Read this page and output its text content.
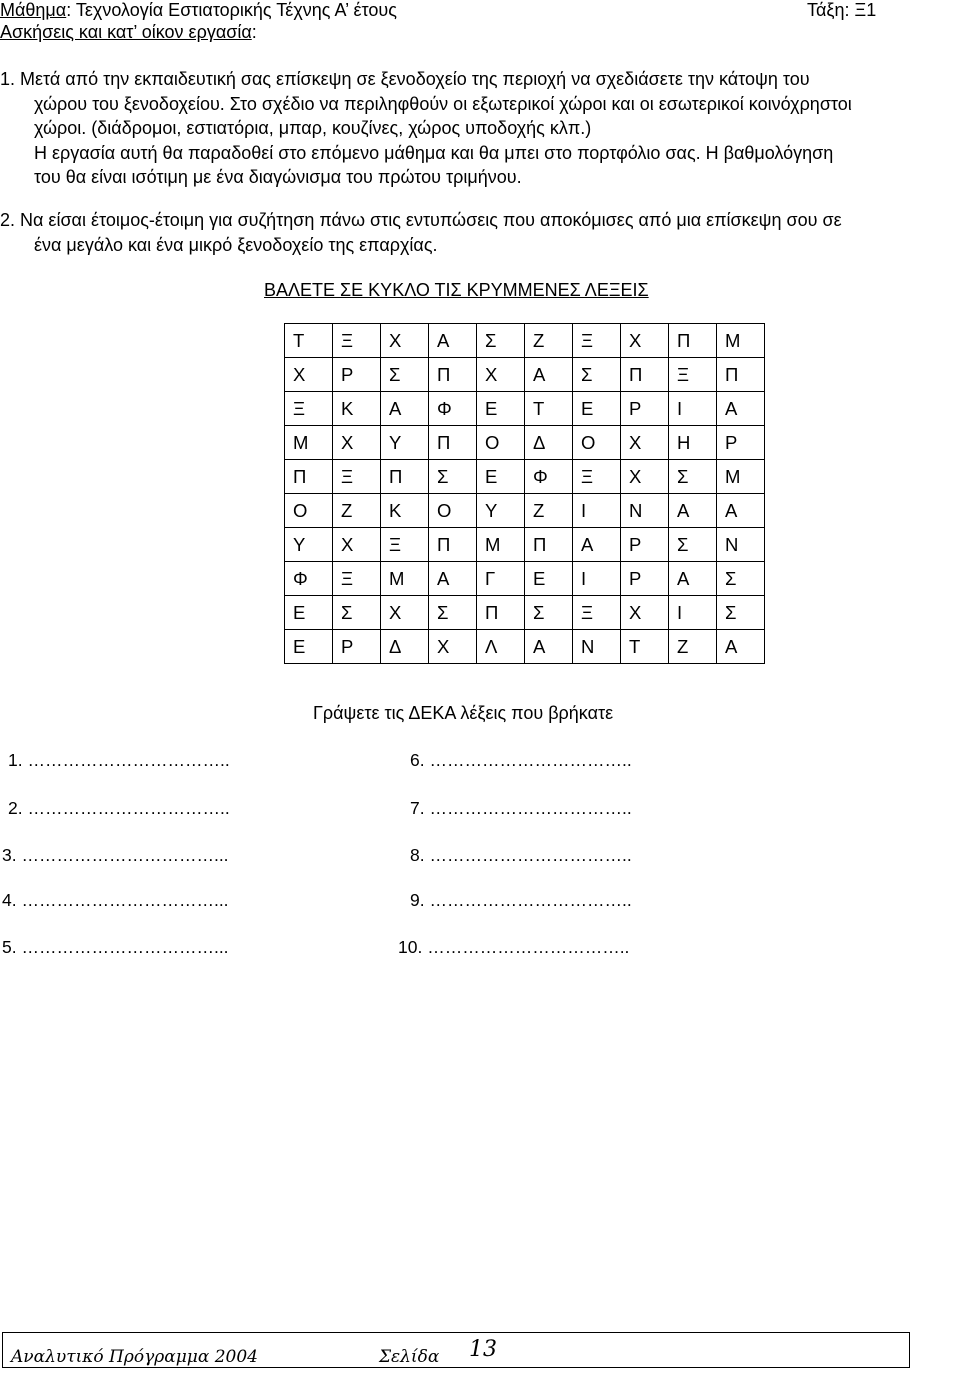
Μάθημα: Τεχνολογία Εστιατορικής Τέχνης Α’ έτους	Τάξη: Ξ1
Ασκήσεις και κατ’ οίκον εργασία:

1. Μετά από την εκπαιδευτική σας επίσκεψη σε ξενοδοχείο της περιοχή να σχεδιάσετε την κάτοψη του

χώρου του ξενοδοχείου. Στο σχέδιο να περιληφθούν οι εξωτερικοί χώροι και οι εσωτερικοί κοινόχρηστοι

χώροι. (διάδρομοι, εστιατόρια, μπαρ, κουζίνες, χώρος υποδοχής κλπ.)

Η εργασία αυτή θα παραδοθεί στο επόμενο μάθημα και θα μπει στο πορτφόλιο σας. Η βαθμολόγηση

του θα είναι ισότιμη με ένα διαγώνισμα του πρώτου τριμήνου.

2. Να είσαι έτοιμος-έτοιμη για συζήτηση πάνω στις εντυπώσεις που αποκόμισες από μια επίσκεψη σου σε

ένα μεγάλο και ένα μικρό ξενοδοχείο της επαρχίας.

ΒΑΛΕΤΕ ΣΕ ΚΥΚΛΟ ΤΙΣ ΚΡΥΜΜΕΝΕΣ ΛΕΞΕΙΣ
Τ	Ξ	Χ	Α	Σ	Ζ	Ξ	Χ	Π	Μ
Χ	Ρ	Σ	Π	Χ	Α	Σ	Π	Ξ	Π
Ξ	Κ	Α	Φ	Ε	Τ	Ε	Ρ	Ι	Α
Μ	Χ	Υ	Π	Ο	Δ	Ο	Χ	Η	Ρ
Π	Ξ	Π	Σ	Ε	Φ	Ξ	Χ	Σ	Μ
Ο	Ζ	Κ	Ο	Υ	Ζ	Ι	Ν	Α	Α
Υ	Χ	Ξ	Π	Μ	Π	Α	Ρ	Σ	Ν
Φ	Ξ	Μ	Α	Γ	Ε	Ι	Ρ	Α	Σ
Ε	Σ	Χ	Σ	Π	Σ	Ξ	Χ	Ι	Σ
Ε	Ρ	Δ	Χ	Λ	Α	Ν	Τ	Ζ	Α
Γράψετε τις ΔΕΚΑ λέξεις που βρήκατε
1. ……………………………..
2. ……………………………..
3. ……………………………...
4. ……………………………...
5. ……………………………...
6. ……………………………..
7. ……………………………..
8. ……………………………..
9. ……………………………..
10. ……………………………..
Αναλυτικό Πρόγραμμα 2004	Σελίδα 13
